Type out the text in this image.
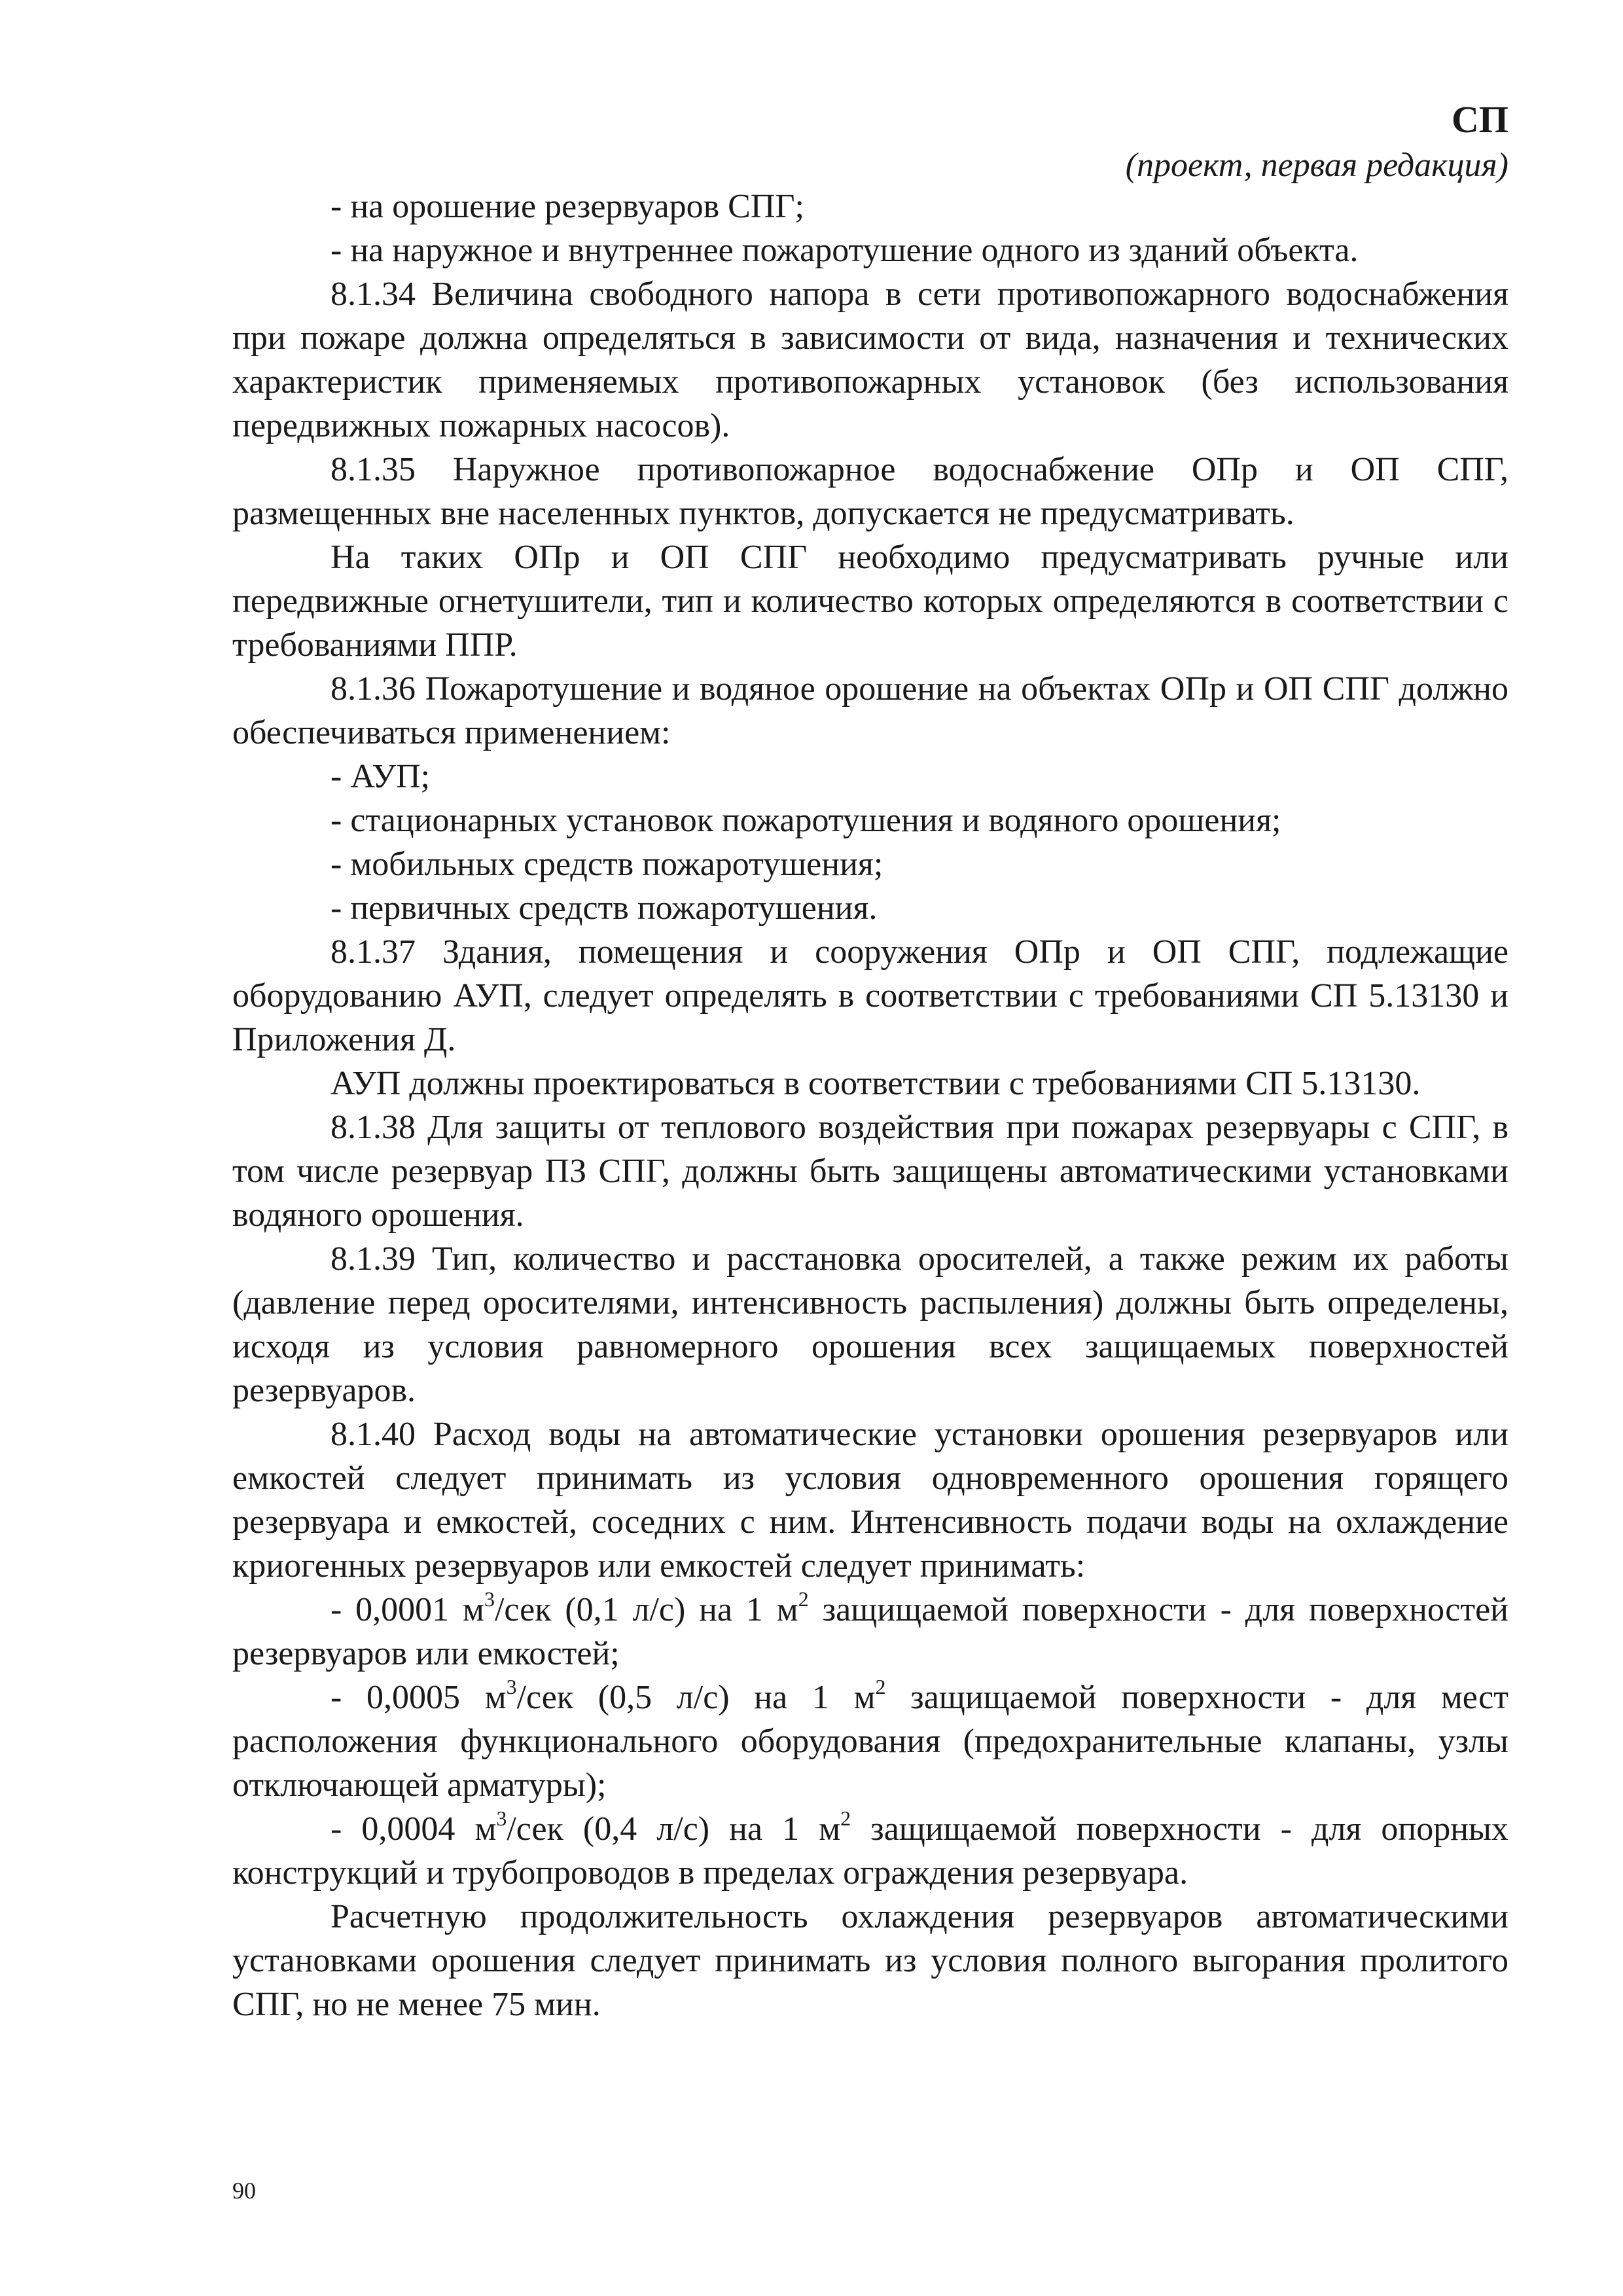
СП
(проект, первая редакция)

- на орошение резервуаров СПГ;

- на наружное и внутреннее пожаротушение одного из зданий объекта.

8.1.34 Величина свободного напора в сети противопожарного водоснабжения при пожаре должна определяться в зависимости от вида, назначения и технических характеристик применяемых противопожарных установок (без использования передвижных пожарных насосов).

8.1.35 Наружное противопожарное водоснабжение ОПр и ОП СПГ, размещенных вне населенных пунктов, допускается не предусматривать.

На таких ОПр и ОП СПГ необходимо предусматривать ручные или передвижные огнетушители, тип и количество которых определяются в соответствии с требованиями ППР.

8.1.36 Пожаротушение и водяное орошение на объектах ОПр и ОП СПГ должно обеспечиваться применением:

- АУП;

- стационарных установок пожаротушения и водяного орошения;

- мобильных средств пожаротушения;

- первичных средств пожаротушения.

8.1.37 Здания, помещения и сооружения ОПр и ОП СПГ, подлежащие оборудованию АУП, следует определять в соответствии с требованиями СП 5.13130 и Приложения Д.

АУП должны проектироваться в соответствии с требованиями СП 5.13130.

8.1.38 Для защиты от теплового воздействия при пожарах резервуары с СПГ, в том числе резервуар ПЗ СПГ, должны быть защищены автоматическими установками водяного орошения.

8.1.39 Тип, количество и расстановка оросителей, а также режим их работы (давление перед оросителями, интенсивность распыления) должны быть определены, исходя из условия равномерного орошения всех защищаемых поверхностей резервуаров.

8.1.40 Расход воды на автоматические установки орошения резервуаров или емкостей следует принимать из условия одновременного орошения горящего резервуара и емкостей, соседних с ним. Интенсивность подачи воды на охлаждение криогенных резервуаров или емкостей следует принимать:

- 0,0001 $м^3$/сек (0,1 л/с) на 1 $м^2$ защищаемой поверхности - для поверхностей резервуаров или емкостей;

- 0,0005 $м^3$/сек (0,5 л/с) на 1 $м^2$ защищаемой поверхности - для мест расположения функционального оборудования (предохранительные клапаны, узлы отключающей арматуры);

- 0,0004 $м^3$/сек (0,4 л/с) на 1 $м^2$ защищаемой поверхности - для опорных конструкций и трубопроводов в пределах ограждения резервуара.

Расчетную продолжительность охлаждения резервуаров автоматическими установками орошения следует принимать из условия полного выгорания пролитого СПГ, но не менее 75 мин.

90
